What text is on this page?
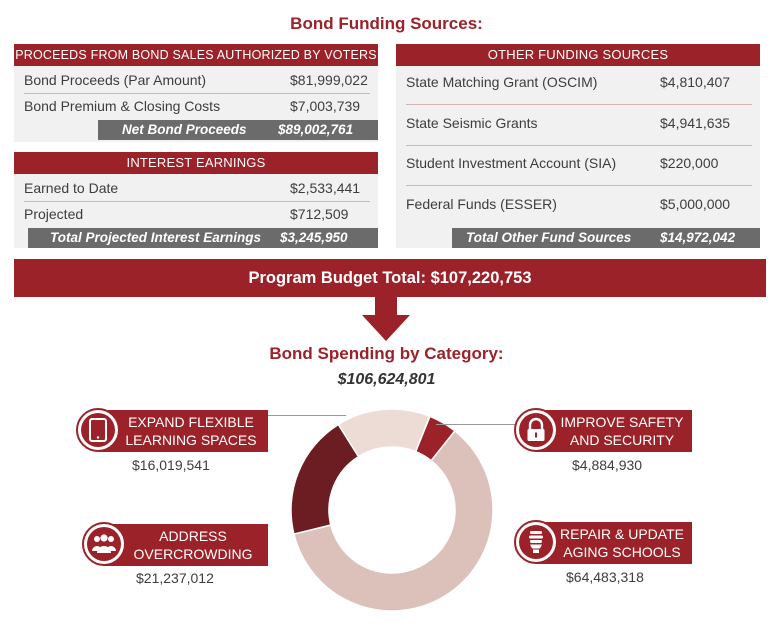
Bond Funding Sources:
PROCEEDS FROM BOND SALES AUTHORIZED BY VOTERS
Bond Proceeds (Par Amount)	$81,999,022
Bond Premium & Closing Costs	$7,003,739
Net Bond Proceeds $89,002,761
INTEREST EARNINGS
Earned to Date	$2,533,441
Projected	$712,509
Total Projected Interest Earnings $3,245,950
OTHER FUNDING SOURCES
State Matching Grant (OSCIM)	$4,810,407
State Seismic Grants	$4,941,635
Student Investment Account (SIA)	$220,000
Federal Funds (ESSER)	$5,000,000
Total Other Fund Sources $14,972,042
Program Budget Total: $107,220,753
Bond Spending by Category:
$106,624,801
EXPAND FLEXIBLE
LEARNING SPACES
$16,019,541
ADDRESS
OVERCROWDING
$21,237,012
IMPROVE SAFETY
AND SECURITY
$4,884,930
REPAIR & UPDATE
AGING SCHOOLS
$64,483,318
